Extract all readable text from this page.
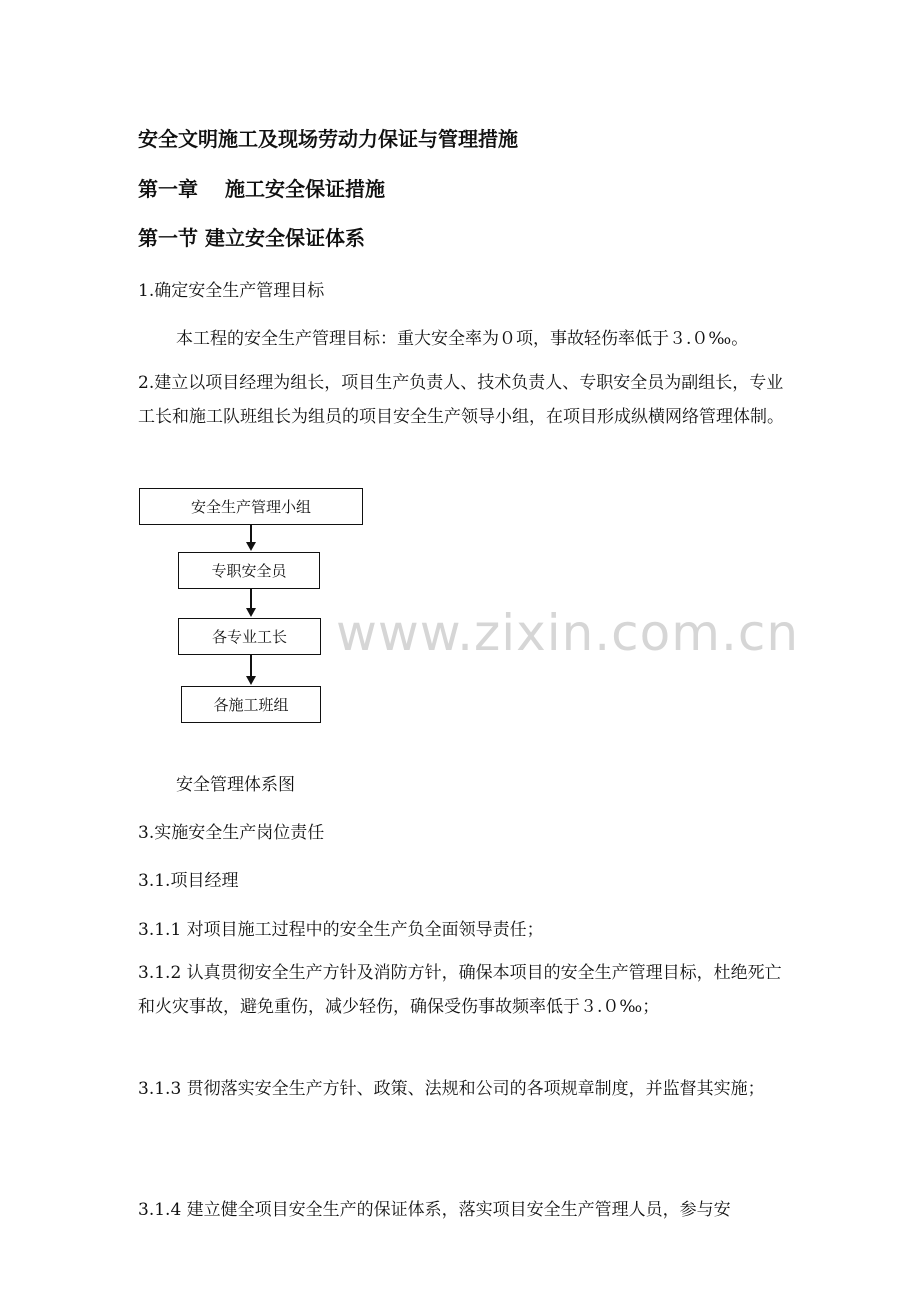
www.zixin.com.cn
安全文明施工及现场劳动力保证与管理措施
第一章　 施工安全保证措施
第一节 建立安全保证体系

1.确定安全生产管理目标

本工程的安全生产管理目标：重大安全率为０项，事故轻伤率低于３.０‰。

2.建立以项目经理为组长，项目生产负责人、技术负责人、专职安全员为副组长，专业工长和施工队班组长为组员的项目安全生产领导小组，在项目形成纵横网络管理体制。

安全生产管理小组
专职安全员
各专业工长
各施工班组

安全管理体系图

3.实施安全生产岗位责任

3.1.项目经理

3.1.1 对项目施工过程中的安全生产负全面领导责任；

3.1.2 认真贯彻安全生产方针及消防方针，确保本项目的安全生产管理目标，杜绝死亡和火灾事故，避免重伤，减少轻伤，确保受伤事故频率低于３.０‰；

3.1.3 贯彻落实安全生产方针、政策、法规和公司的各项规章制度，并监督其实施；

3.1.4 建立健全项目安全生产的保证体系，落实项目安全生产管理人员，参与安
